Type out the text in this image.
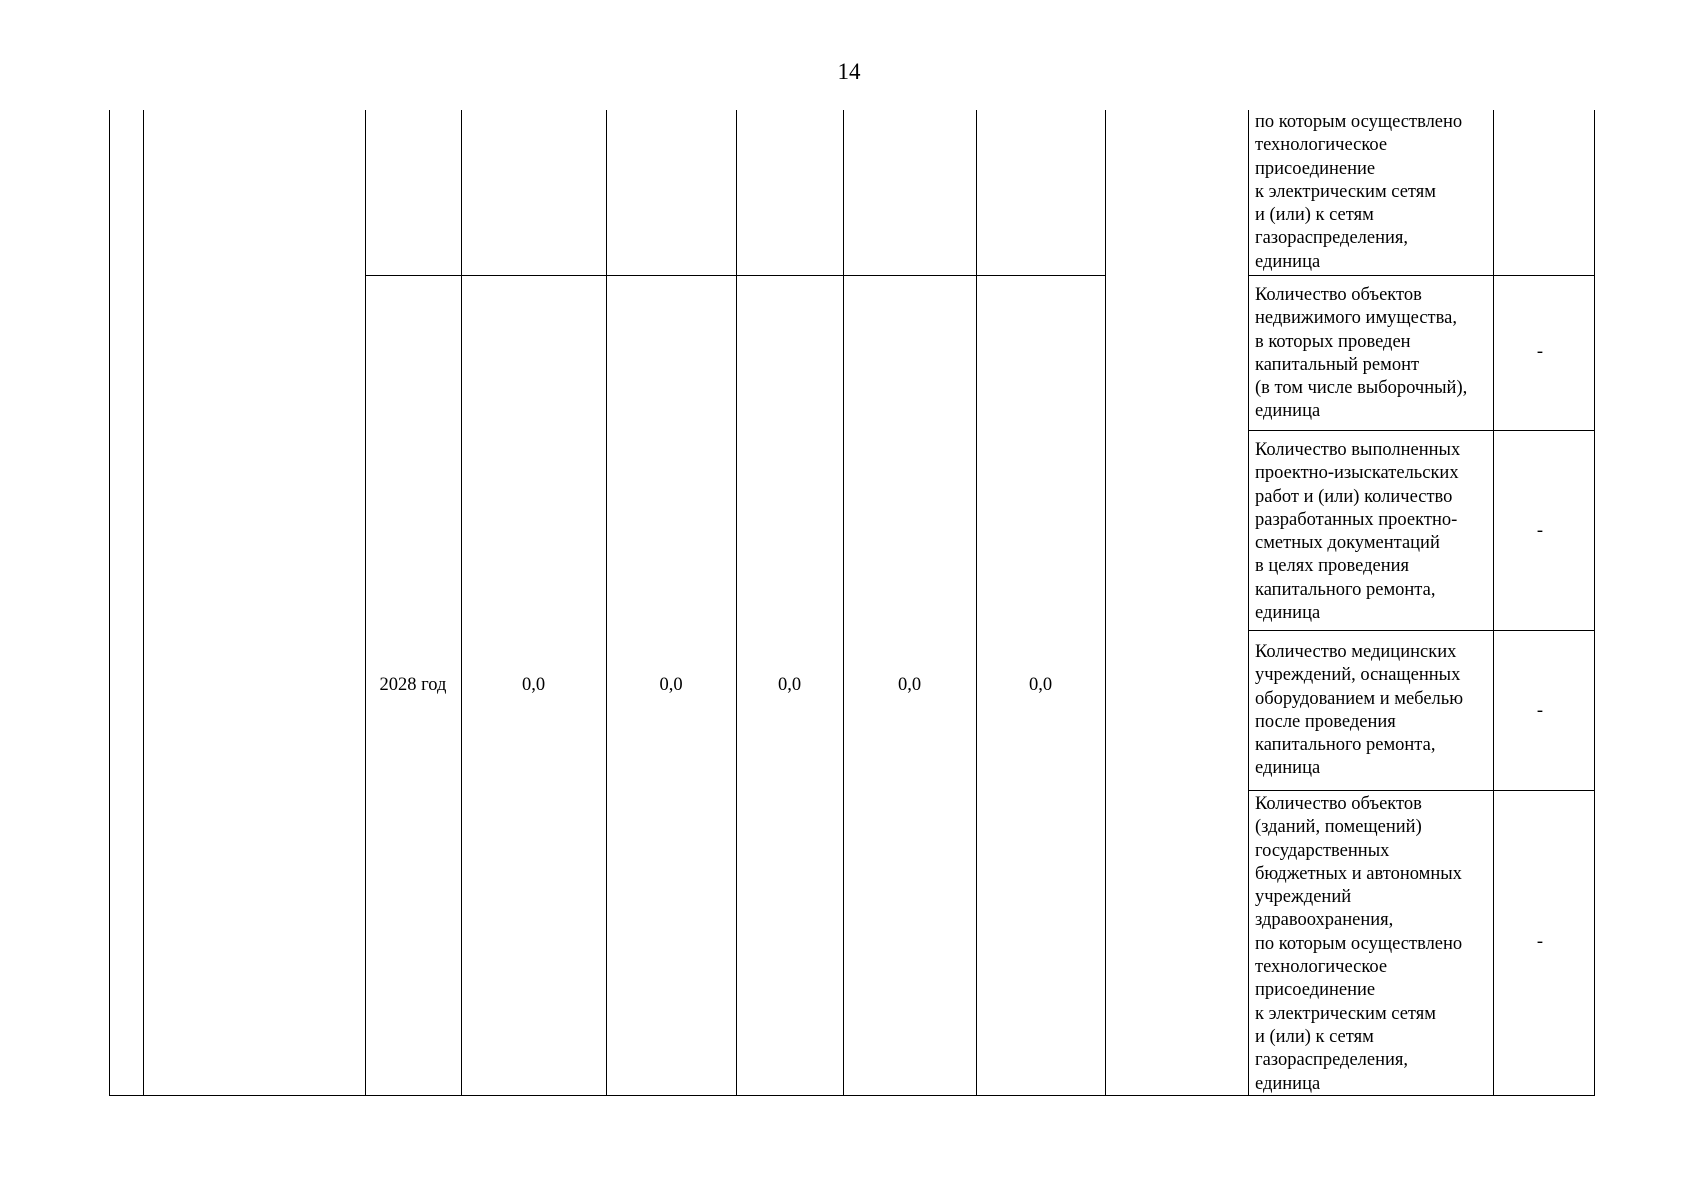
14
2028 год	0,0	0,0	0,0	0,0	0,0
по которым осуществлено
технологическое
присоединение
к электрическим сетям
и (или) к сетям
газораспределения,
единица
Количество объектов
недвижимого имущества,
в которых проведен
капитальный ремонт
(в том числе выборочный),
единица
-
Количество выполненных
проектно-изыскательских
работ и (или) количество
разработанных проектно-
сметных документаций
в целях проведения
капитального ремонта,
единица
-
Количество медицинских
учреждений, оснащенных
оборудованием и мебелью
после проведения
капитального ремонта,
единица
-
Количество объектов
(зданий, помещений)
государственных
бюджетных и автономных
учреждений
здравоохранения,
по которым осуществлено
технологическое
присоединение
к электрическим сетям
и (или) к сетям
газораспределения,
единица
-
